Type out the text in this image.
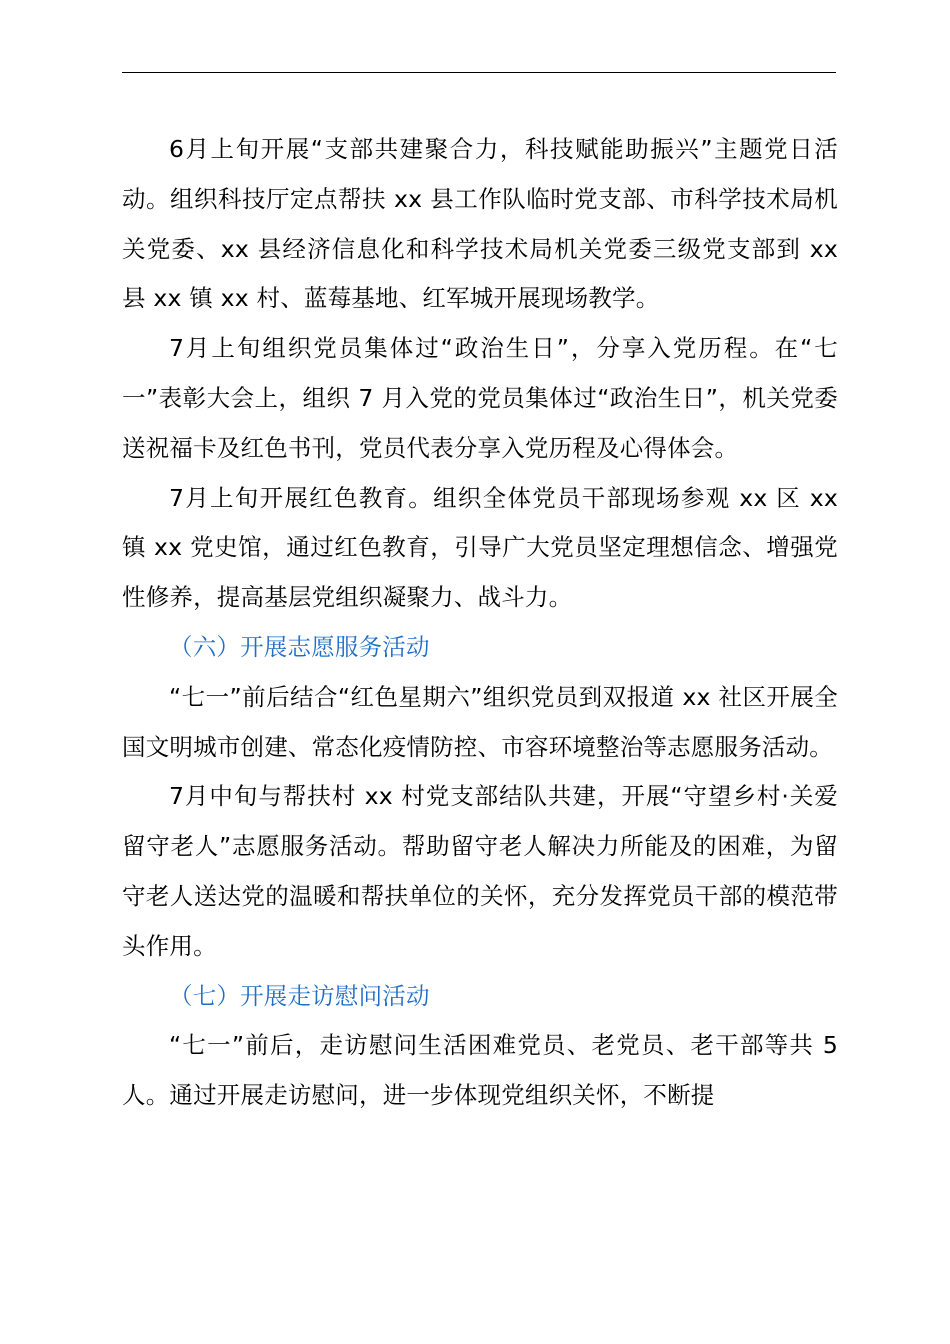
6月上旬开展“支部共建聚合力，科技赋能助振兴”主题党日活动。组织科技厅定点帮扶 xx 县工作队临时党支部、市科学技术局机关党委、xx 县经济信息化和科学技术局机关党委三级党支部到 xx 县 xx 镇 xx 村、蓝莓基地、红军城开展现场教学。

7月上旬组织党员集体过“政治生日”，分享入党历程。在“七一”表彰大会上，组织 7 月入党的党员集体过“政治生日”，机关党委送祝福卡及红色书刊，党员代表分享入党历程及心得体会。

7月上旬开展红色教育。组织全体党员干部现场参观 xx 区 xx 镇 xx 党史馆，通过红色教育，引导广大党员坚定理想信念、增强党性修养，提高基层党组织凝聚力、战斗力。

（六）开展志愿服务活动

“七一”前后结合“红色星期六”组织党员到双报道 xx 社区开展全国文明城市创建、常态化疫情防控、市容环境整治等志愿服务活动。

7月中旬与帮扶村 xx 村党支部结队共建，开展“守望乡村·关爱留守老人”志愿服务活动。帮助留守老人解决力所能及的困难，为留守老人送达党的温暖和帮扶单位的关怀，充分发挥党员干部的模范带头作用。

（七）开展走访慰问活动

“七一”前后，走访慰问生活困难党员、老党员、老干部等共 5 人。通过开展走访慰问，进一步体现党组织关怀，不断提
